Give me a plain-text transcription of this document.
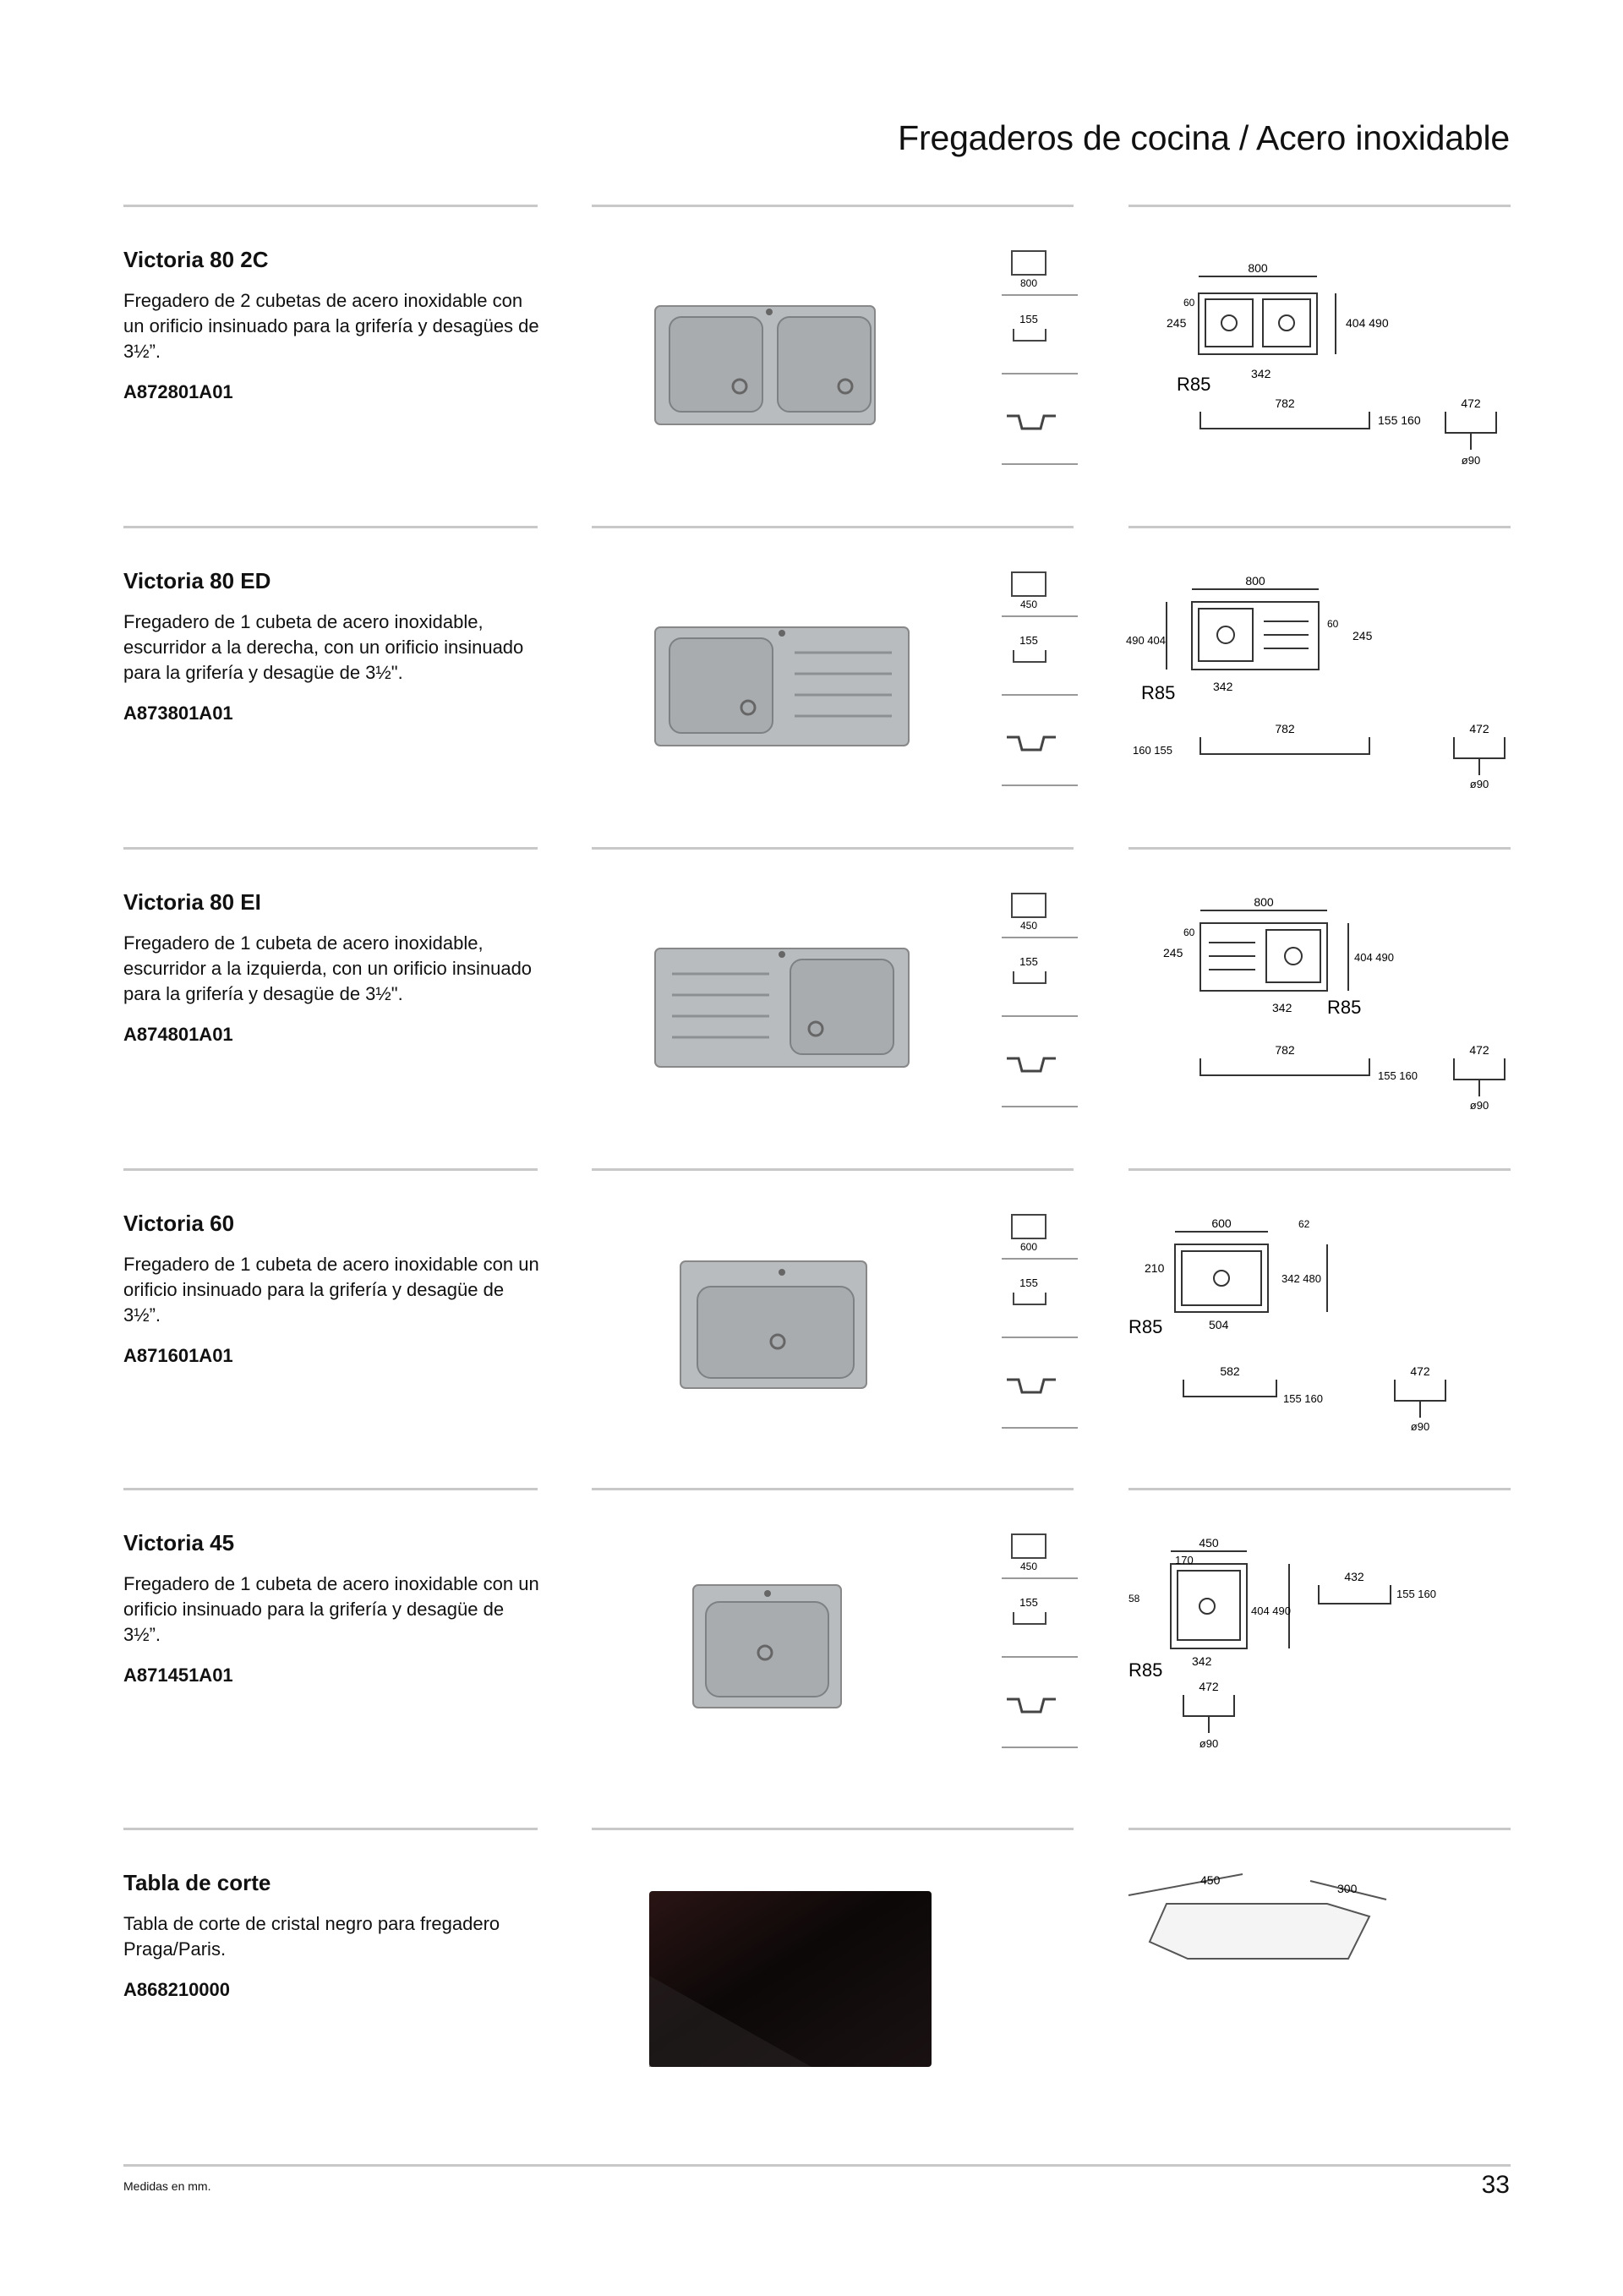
Fregaderos de cocina / Acero inoxidable
Victoria 80 2C
Fregadero de 2 cubetas de acero inoxidable con un orificio insinuado para la grifería y desagües de 3½”.
A872801A01
800
155
800
245
60
404 490
R85	342
782
155 160
472
ø90
Victoria 80 ED
Fregadero de 1 cubeta de acero inoxidable, escurridor a la derecha, con un orificio insinuado para la grifería y desagüe de 3½".
A873801A01
450
155
800
245
60
490 404
R85	342
782
160 155
472
ø90
Victoria 80 EI
Fregadero de 1 cubeta de acero inoxidable, escurridor a la izquierda, con un orificio insinuado para la grifería y desagüe de 3½".
A874801A01
450
155
800
245
60
404 490
R85
342
782
155 160
472
ø90
Victoria 60
Fregadero de 1 cubeta de acero inoxidable con un orificio insinuado para la grifería y desagüe de 3½”.
A871601A01
600
155
600
210
62
342 480
R85	504
582
155 160
472
ø90
Victoria 45
Fregadero de 1 cubeta de acero inoxidable con un orificio insinuado para la grifería y desagüe de 3½”.
A871451A01
450
155
450
170
58
404 490
R85 342
432
155 160
472
ø90
Tabla de corte
Tabla de corte de cristal negro para fregadero Praga/Paris.
A868210000
450
300
Medidas en mm.	33
